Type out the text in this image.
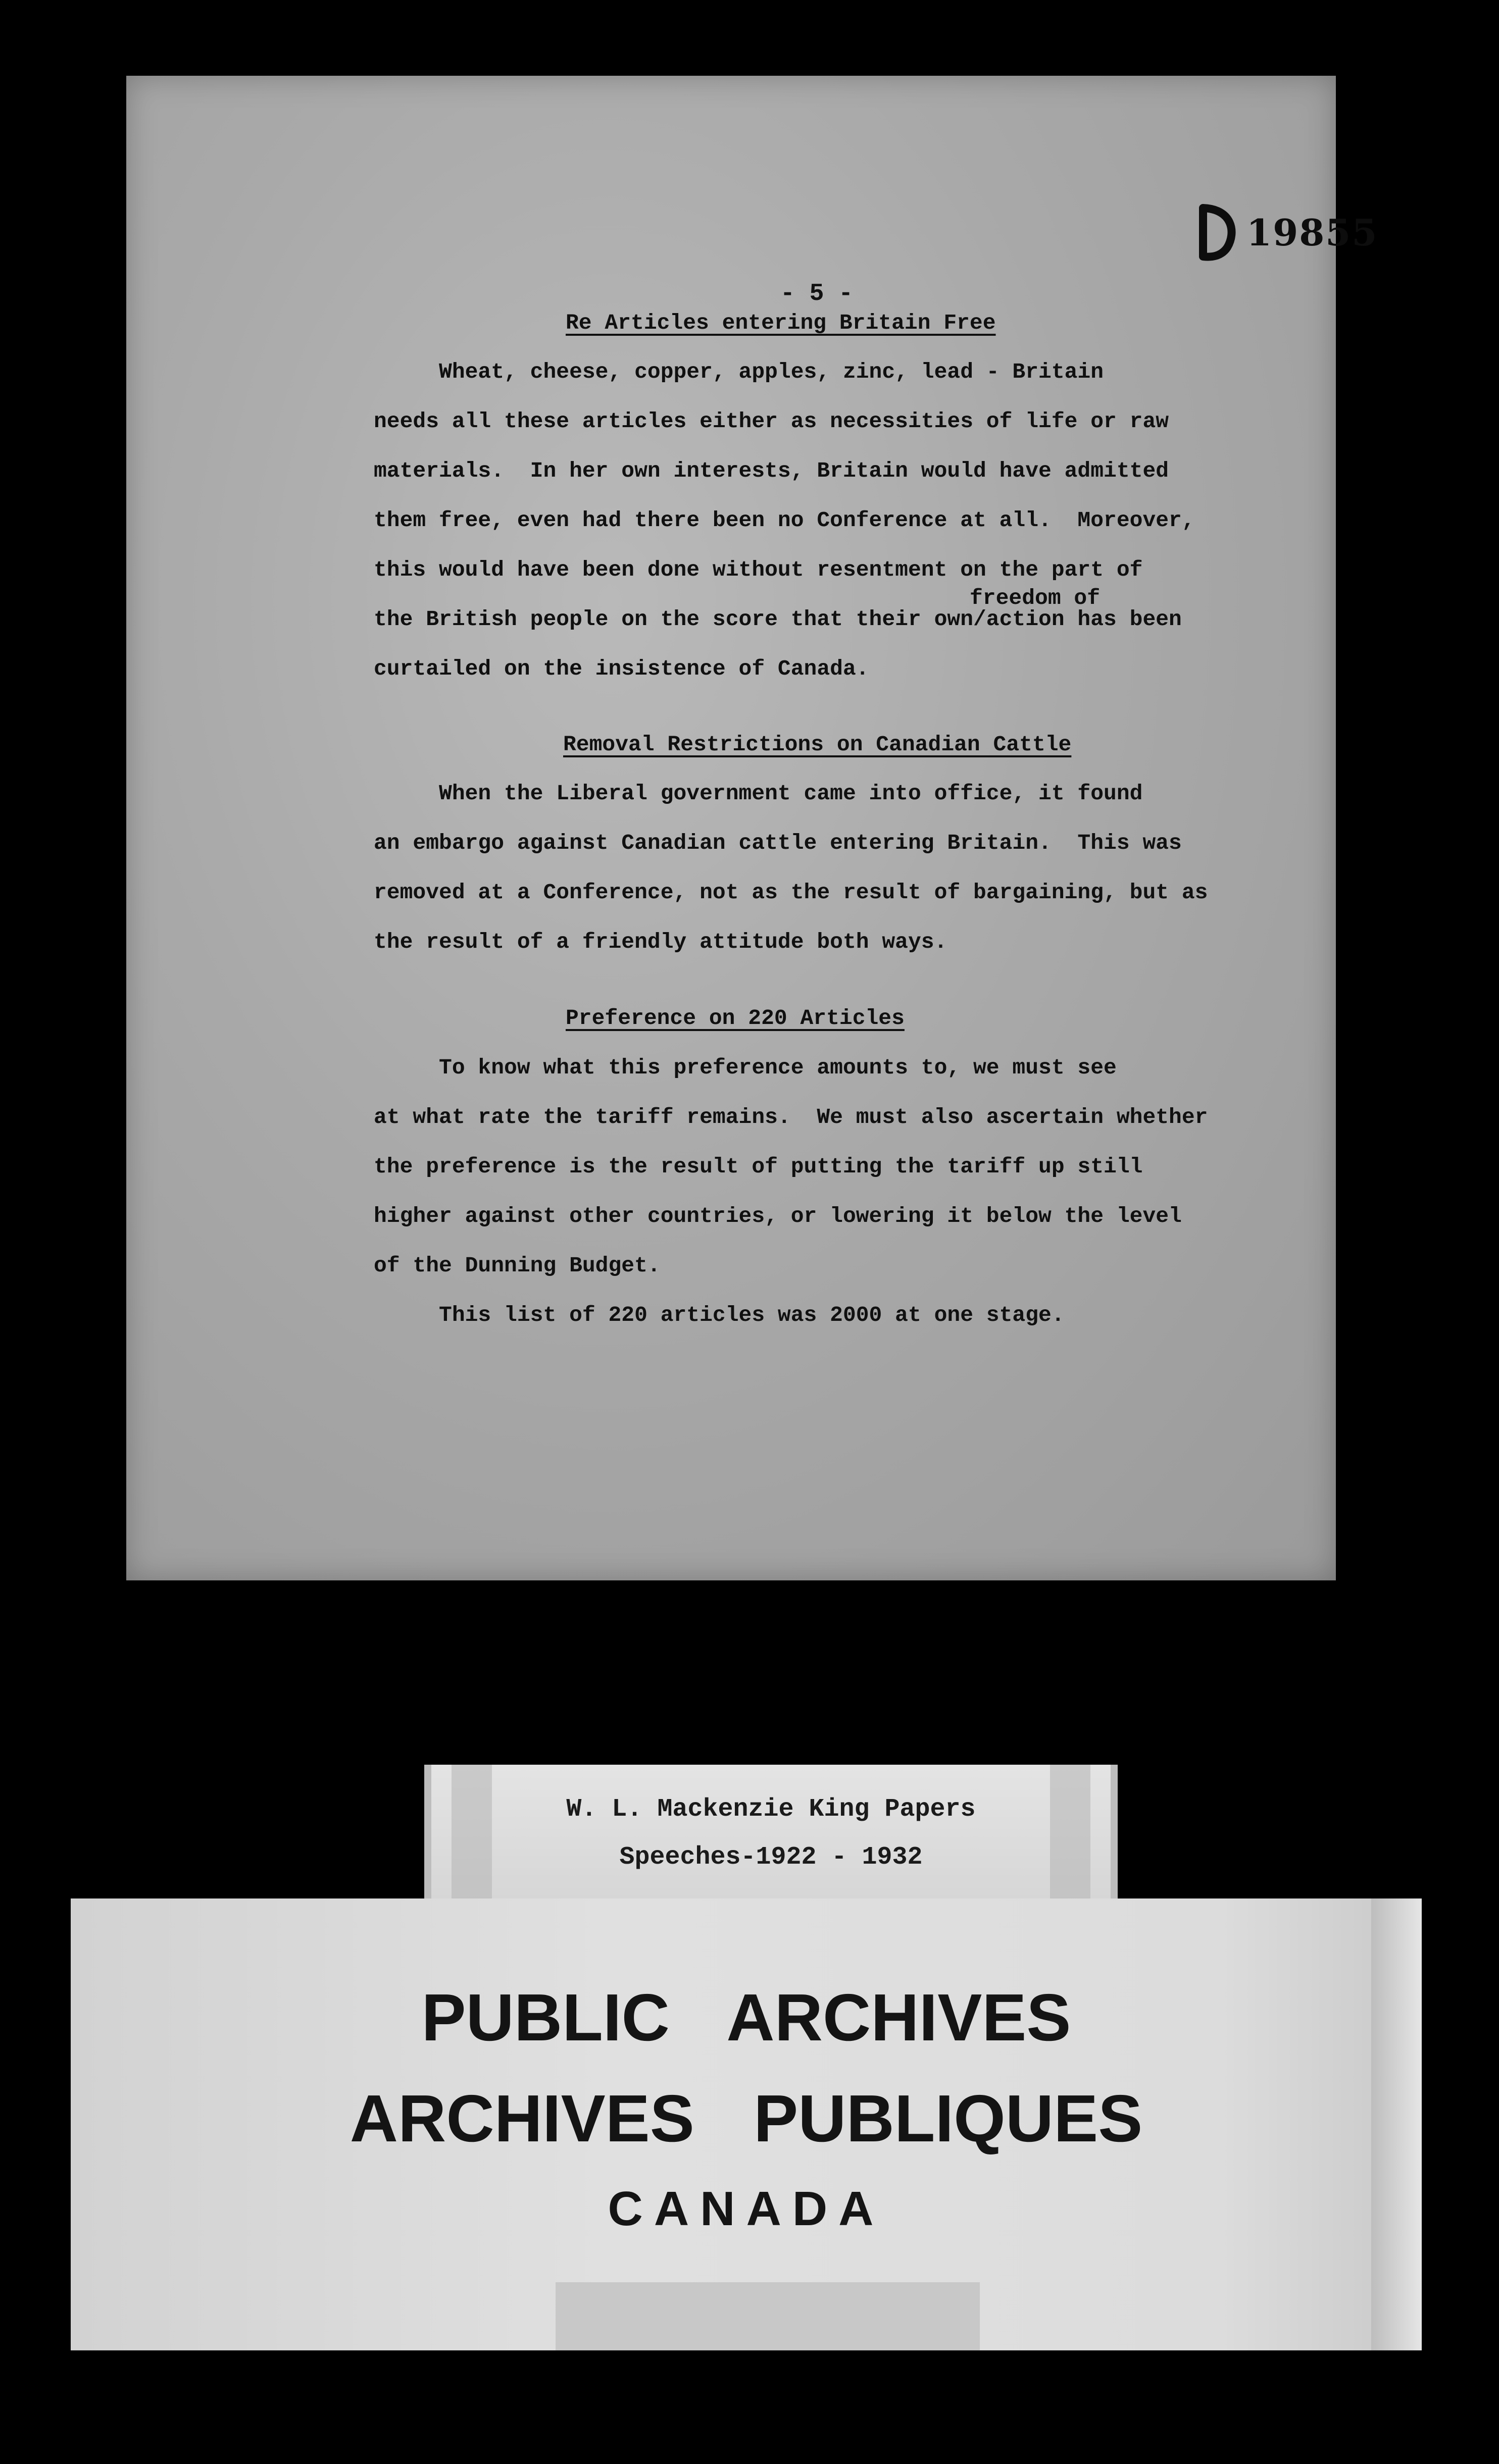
19855
- 5 -

Re Articles entering Britain Free

Wheat, cheese, copper, apples, zinc, lead - Britain

needs all these articles either as necessities of life or raw

materials.  In her own interests, Britain would have admitted

them free, even had there been no Conference at all.  Moreover,

this would have been done without resentment on the part of

freedom of

the British people on the score that their own/action has been

curtailed on the insistence of Canada.

Removal Restrictions on Canadian Cattle

When the Liberal government came into office, it found

an embargo against Canadian cattle entering Britain.  This was

removed at a Conference, not as the result of bargaining, but as

the result of a friendly attitude both ways.

Preference on 220 Articles

To know what this preference amounts to, we must see

at what rate the tariff remains.  We must also ascertain whether

the preference is the result of putting the tariff up still

higher against other countries, or lowering it below the level

of the Dunning Budget.

This list of 220 articles was 2000 at one stage.

W. L. Mackenzie King Papers
Speeches-1922 - 1932
PUBLIC  ARCHIVES
ARCHIVES  PUBLIQUES
CANADA
